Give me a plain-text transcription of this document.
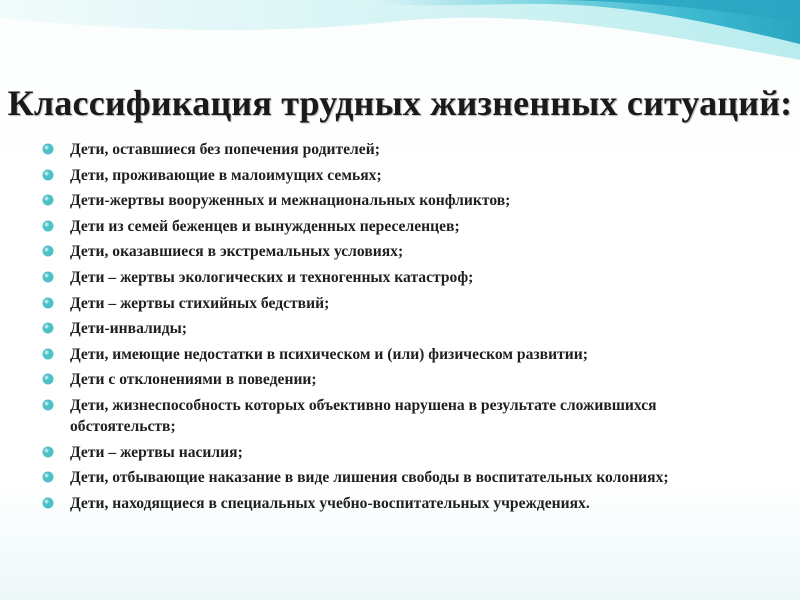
Классификация трудных жизненных ситуаций:
Дети, оставшиеся без попечения родителей;
Дети, проживающие в малоимущих семьях;
Дети-жертвы вооруженных и межнациональных конфликтов;
Дети из семей беженцев и вынужденных переселенцев;
Дети, оказавшиеся в экстремальных условиях;
Дети – жертвы экологических и техногенных катастроф;
Дети – жертвы стихийных бедствий;
Дети-инвалиды;
Дети, имеющие недостатки в психическом и (или) физическом развитии;
Дети с отклонениями в поведении;
Дети, жизнеспособность которых объективно нарушена в результате сложившихся обстоятельств;
Дети – жертвы насилия;
Дети, отбывающие наказание в виде лишения свободы в воспитательных колониях;
Дети, находящиеся в специальных учебно-воспитательных учреждениях.
